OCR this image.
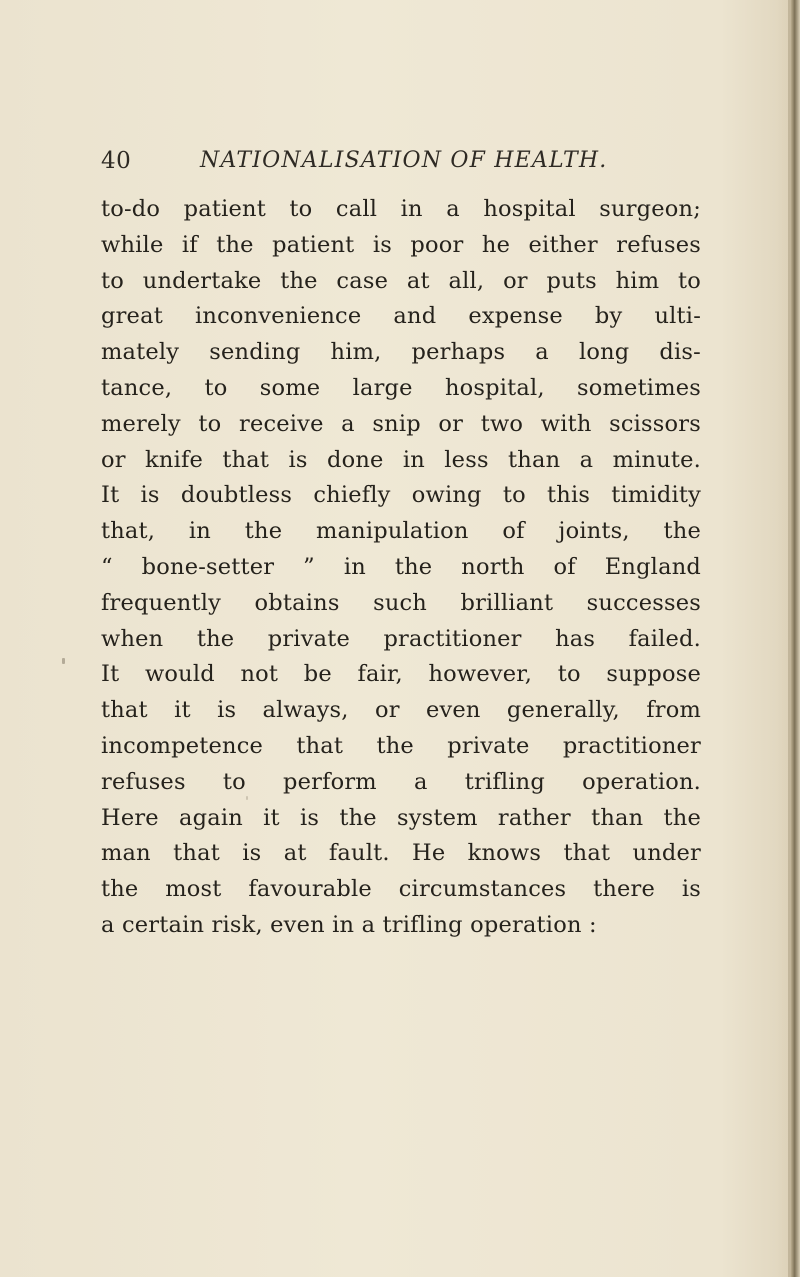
40	NATIONALISATION OF HEALTH.
to-do patient to call in a hospital surgeon;
while if the patient is poor he either refuses
to undertake the case at all, or puts him to
great inconvenience and expense by ulti-
mately sending him, perhaps a long dis-
tance, to some large hospital, sometimes
merely to receive a snip or two with scissors
or knife that is done in less than a minute.
It is doubtless chiefly owing to this timidity
that, in the manipulation of joints, the
“ bone-setter ” in the north of England
frequently obtains such brilliant successes
when the private practitioner has failed.
It would not be fair, however, to suppose
that it is always, or even generally, from
incompetence that the private practitioner
refuses to perform a trifling operation.
Here again it is the system rather than the
man that is at fault. He knows that under
the most favourable circumstances there is
a certain risk, even in a trifling operation :
